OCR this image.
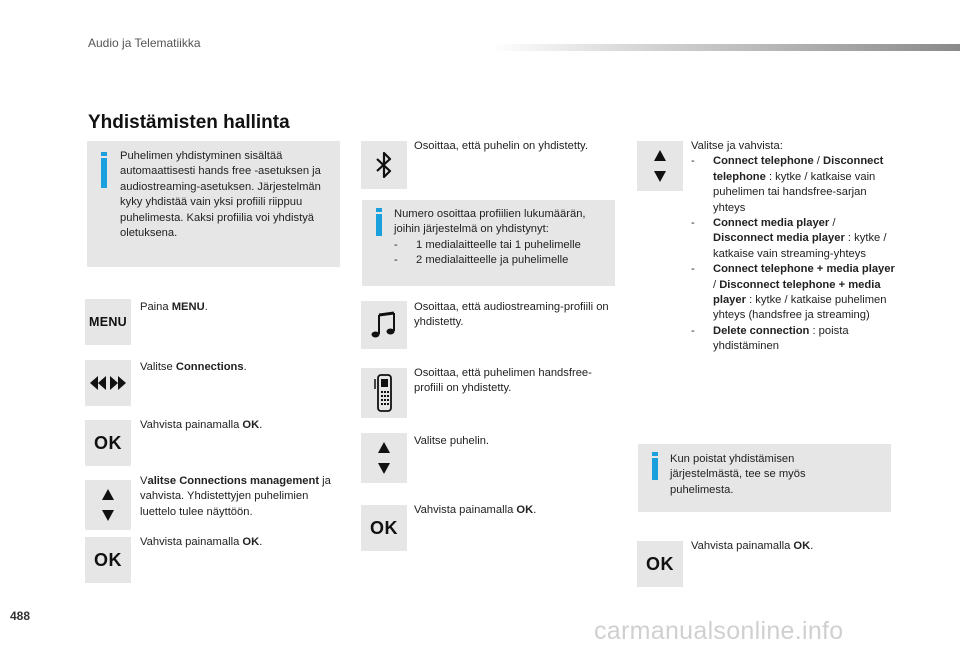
Audio ja Telematiikka
Yhdistämisten hallinta
Puhelimen yhdistyminen sisältää automaattisesti hands free -asetuksen ja audiostreaming-asetuksen. Järjestelmän kyky yhdistää vain yksi profiili riippuu puhelimesta. Kaksi profiilia voi yhdistyä oletuksena.
MENU
Paina MENU.
Valitse Connections.
OK
Vahvista painamalla OK.
Valitse Connections management ja vahvista. Yhdistettyjen puhelimien luettelo tulee näyttöön.
OK
Vahvista painamalla OK.
Osoittaa, että puhelin on yhdistetty.
Numero osoittaa profiilien lukumäärän, joihin järjestelmä on yhdistynyt:
- 1 medialaitteelle tai 1 puhelimelle
- 2 medialaitteelle ja puhelimelle
Osoittaa, että audiostreaming-profiili on yhdistetty.
Osoittaa, että puhelimen handsfree-profiili on yhdistetty.
Valitse puhelin.
OK
Vahvista painamalla OK.
Valitse ja vahvista:
- Connect telephone / Disconnect telephone : kytke / katkaise vain puhelimen tai handsfree-sarjan yhteys
- Connect media player / Disconnect media player : kytke / katkaise vain streaming-yhteys
- Connect telephone + media player / Disconnect telephone + media player : kytke / katkaise puhelimen yhteys (handsfree ja streaming)
- Delete connection : poista yhdistäminen
Kun poistat yhdistämisen järjestelmästä, tee se myös puhelimesta.
OK
Vahvista painamalla OK.
488
carmanualsonline.info
